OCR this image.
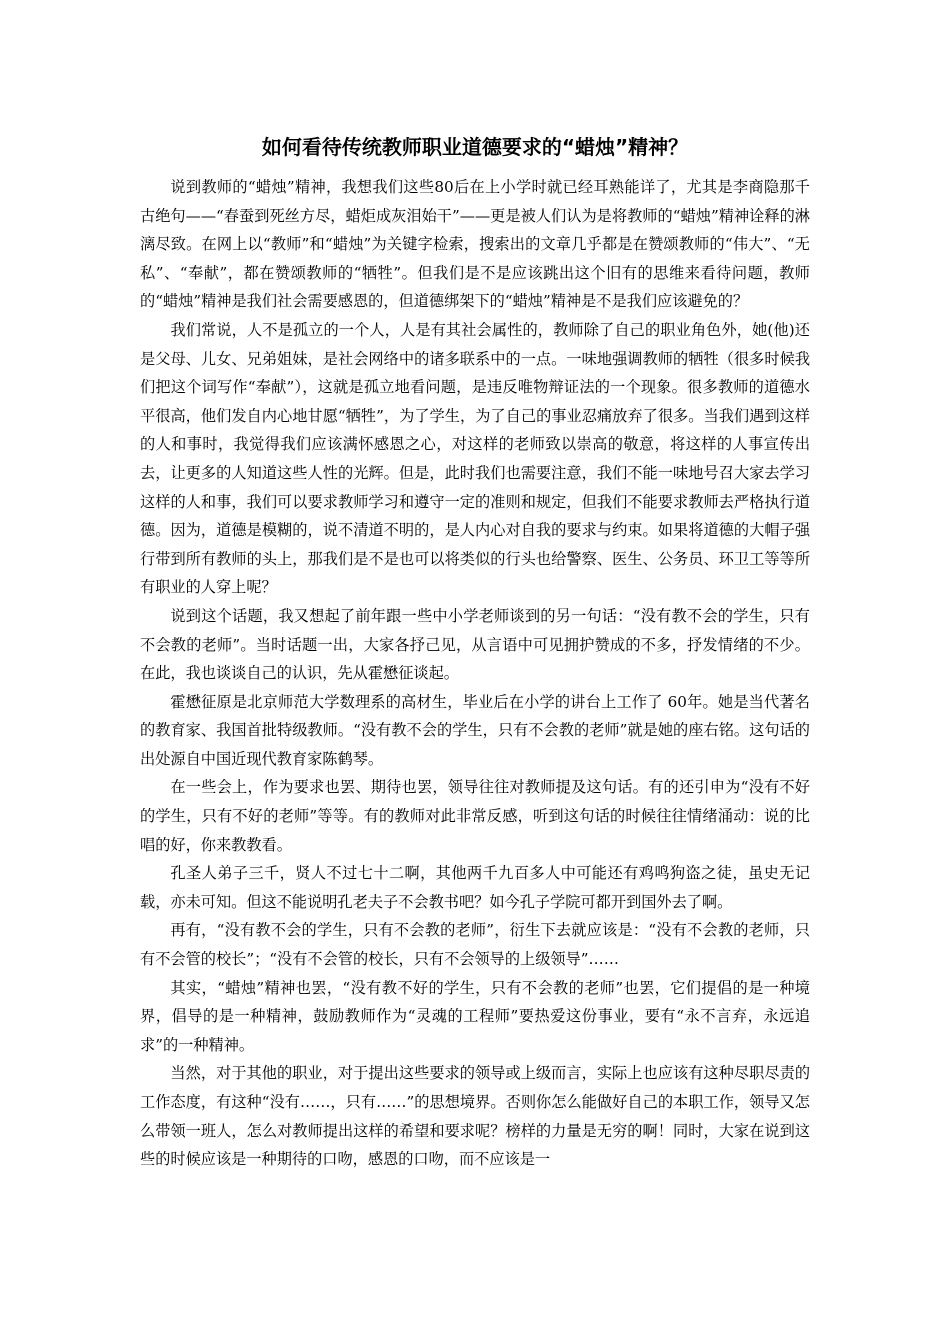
如何看待传统教师职业道德要求的“蜡烛”精神？

说到教师的“蜡烛”精神，我想我们这些80后在上小学时就已经耳熟能详了，尤其是李商隐那千古绝句——“春蚕到死丝方尽，蜡炬成灰泪始干”——更是被人们认为是将教师的“蜡烛”精神诠释的淋漓尽致。在网上以“教师”和“蜡烛”为关键字检索，搜索出的文章几乎都是在赞颂教师的“伟大”、“无私”、“奉献”，都在赞颂教师的“牺牲”。但我们是不是应该跳出这个旧有的思维来看待问题，教师的“蜡烛”精神是我们社会需要感恩的，但道德绑架下的“蜡烛”精神是不是我们应该避免的？

我们常说，人不是孤立的一个人，人是有其社会属性的，教师除了自己的职业角色外，她(他)还是父母、儿女、兄弟姐妹，是社会网络中的诸多联系中的一点。一味地强调教师的牺牲（很多时候我们把这个词写作“奉献”），这就是孤立地看问题，是违反唯物辩证法的一个现象。很多教师的道德水平很高，他们发自内心地甘愿“牺牲”，为了学生，为了自己的事业忍痛放弃了很多。当我们遇到这样的人和事时，我觉得我们应该满怀感恩之心，对这样的老师致以崇高的敬意，将这样的人事宣传出去，让更多的人知道这些人性的光辉。但是，此时我们也需要注意，我们不能一味地号召大家去学习这样的人和事，我们可以要求教师学习和遵守一定的准则和规定，但我们不能要求教师去严格执行道德。因为，道德是模糊的，说不清道不明的，是人内心对自我的要求与约束。如果将道德的大帽子强行带到所有教师的头上，那我们是不是也可以将类似的行头也给警察、医生、公务员、环卫工等等所有职业的人穿上呢？

说到这个话题，我又想起了前年跟一些中小学老师谈到的另一句话：“没有教不会的学生，只有不会教的老师”。当时话题一出，大家各抒己见，从言语中可见拥护赞成的不多，抒发情绪的不少。在此，我也谈谈自己的认识，先从霍懋征谈起。

霍懋征原是北京师范大学数理系的高材生，毕业后在小学的讲台上工作了 60年。她是当代著名的教育家、我国首批特级教师。“没有教不会的学生，只有不会教的老师”就是她的座右铭。这句话的出处源自中国近现代教育家陈鹤琴。

在一些会上，作为要求也罢、期待也罢，领导往往对教师提及这句话。有的还引申为“没有不好的学生，只有不好的老师”等等。有的教师对此非常反感，听到这句话的时候往往情绪涌动：说的比唱的好，你来教教看。

孔圣人弟子三千，贤人不过七十二啊，其他两千九百多人中可能还有鸡鸣狗盗之徒，虽史无记载，亦未可知。但这不能说明孔老夫子不会教书吧？如今孔子学院可都开到国外去了啊。

再有，“没有教不会的学生，只有不会教的老师”，衍生下去就应该是：“没有不会教的老师，只有不会管的校长”；“没有不会管的校长，只有不会领导的上级领导”……

其实，“蜡烛”精神也罢，“没有教不好的学生，只有不会教的老师”也罢，它们提倡的是一种境界，倡导的是一种精神，鼓励教师作为“灵魂的工程师”要热爱这份事业，要有“永不言弃，永远追求”的一种精神。

当然，对于其他的职业，对于提出这些要求的领导或上级而言，实际上也应该有这种尽职尽责的工作态度，有这种“没有……，只有……”的思想境界。否则你怎么能做好自己的本职工作，领导又怎么带领一班人，怎么对教师提出这样的希望和要求呢？榜样的力量是无穷的啊！同时，大家在说到这些的时候应该是一种期待的口吻，感恩的口吻，而不应该是一
